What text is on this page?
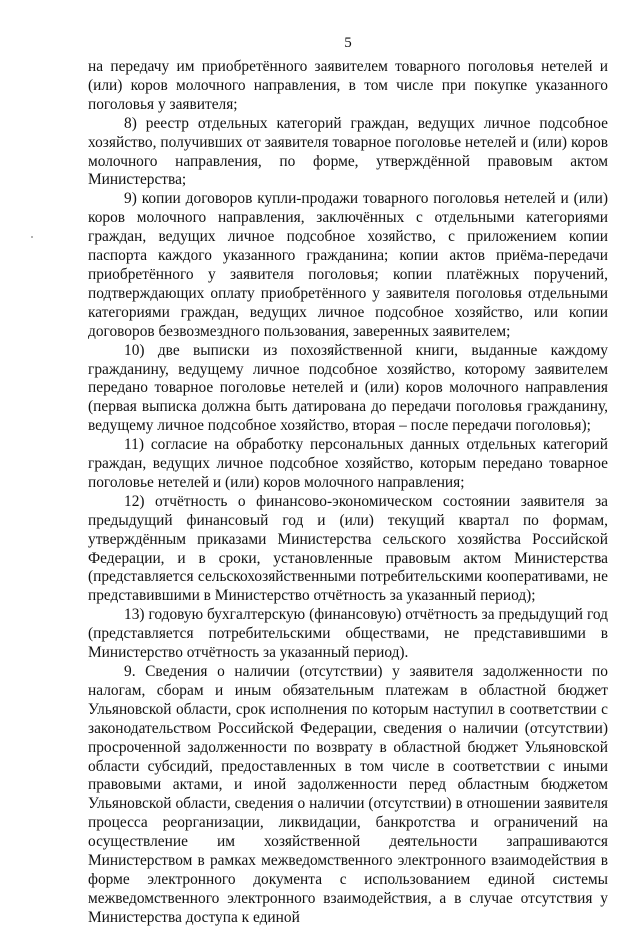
5

на передачу им приобретённого заявителем товарного поголовья нетелей и (или) коров молочного направления, в том числе при покупке указанного поголовья у заявителя;

8) реестр отдельных категорий граждан, ведущих личное подсобное хозяйство, получивших от заявителя товарное поголовье нетелей и (или) коров молочного направления, по форме, утверждённой правовым актом Министерства;

9) копии договоров купли-продажи товарного поголовья нетелей и (или) коров молочного направления, заключённых с отдельными категориями граждан, ведущих личное подсобное хозяйство, с приложением копии паспорта каждого указанного гражданина; копии актов приёма-передачи приобретённого у заявителя поголовья; копии платёжных поручений, подтверждающих оплату приобретённого у заявителя поголовья отдельными категориями граждан, ведущих личное подсобное хозяйство, или копии договоров безвозмездного пользования, заверенных заявителем;

10) две выписки из похозяйственной книги, выданные каждому гражданину, ведущему личное подсобное хозяйство, которому заявителем передано товарное поголовье нетелей и (или) коров молочного направления (первая выписка должна быть датирована до передачи поголовья гражданину, ведущему личное подсобное хозяйство, вторая – после передачи поголовья);

11) согласие на обработку персональных данных отдельных категорий граждан, ведущих личное подсобное хозяйство, которым передано товарное поголовье нетелей и (или) коров молочного направления;

12) отчётность о финансово-экономическом состоянии заявителя за предыдущий финансовый год и (или) текущий квартал по формам, утверждённым приказами Министерства сельского хозяйства Российской Федерации, и в сроки, установленные правовым актом Министерства (представляется сельскохозяйственными потребительскими кооперативами, не представившими в Министерство отчётность за указанный период);

13) годовую бухгалтерскую (финансовую) отчётность за предыдущий год (представляется потребительскими обществами, не представившими в Министерство отчётность за указанный период).

9. Сведения о наличии (отсутствии) у заявителя задолженности по налогам, сборам и иным обязательным платежам в областной бюджет Ульяновской области, срок исполнения по которым наступил в соответствии с законодательством Российской Федерации, сведения о наличии (отсутствии) просроченной задолженности по возврату в областной бюджет Ульяновской области субсидий, предоставленных в том числе в соответствии с иными правовыми актами, и иной задолженности перед областным бюджетом Ульяновской области, сведения о наличии (отсутствии) в отношении заявителя процесса реорганизации, ликвидации, банкротства и ограничений на осуществление им хозяйственной деятельности запрашиваются Министерством в рамках межведомственного электронного взаимодействия в форме электронного документа с использованием единой системы межведомственного электронного взаимодействия, а в случае отсутствия у Министерства доступа к единой
